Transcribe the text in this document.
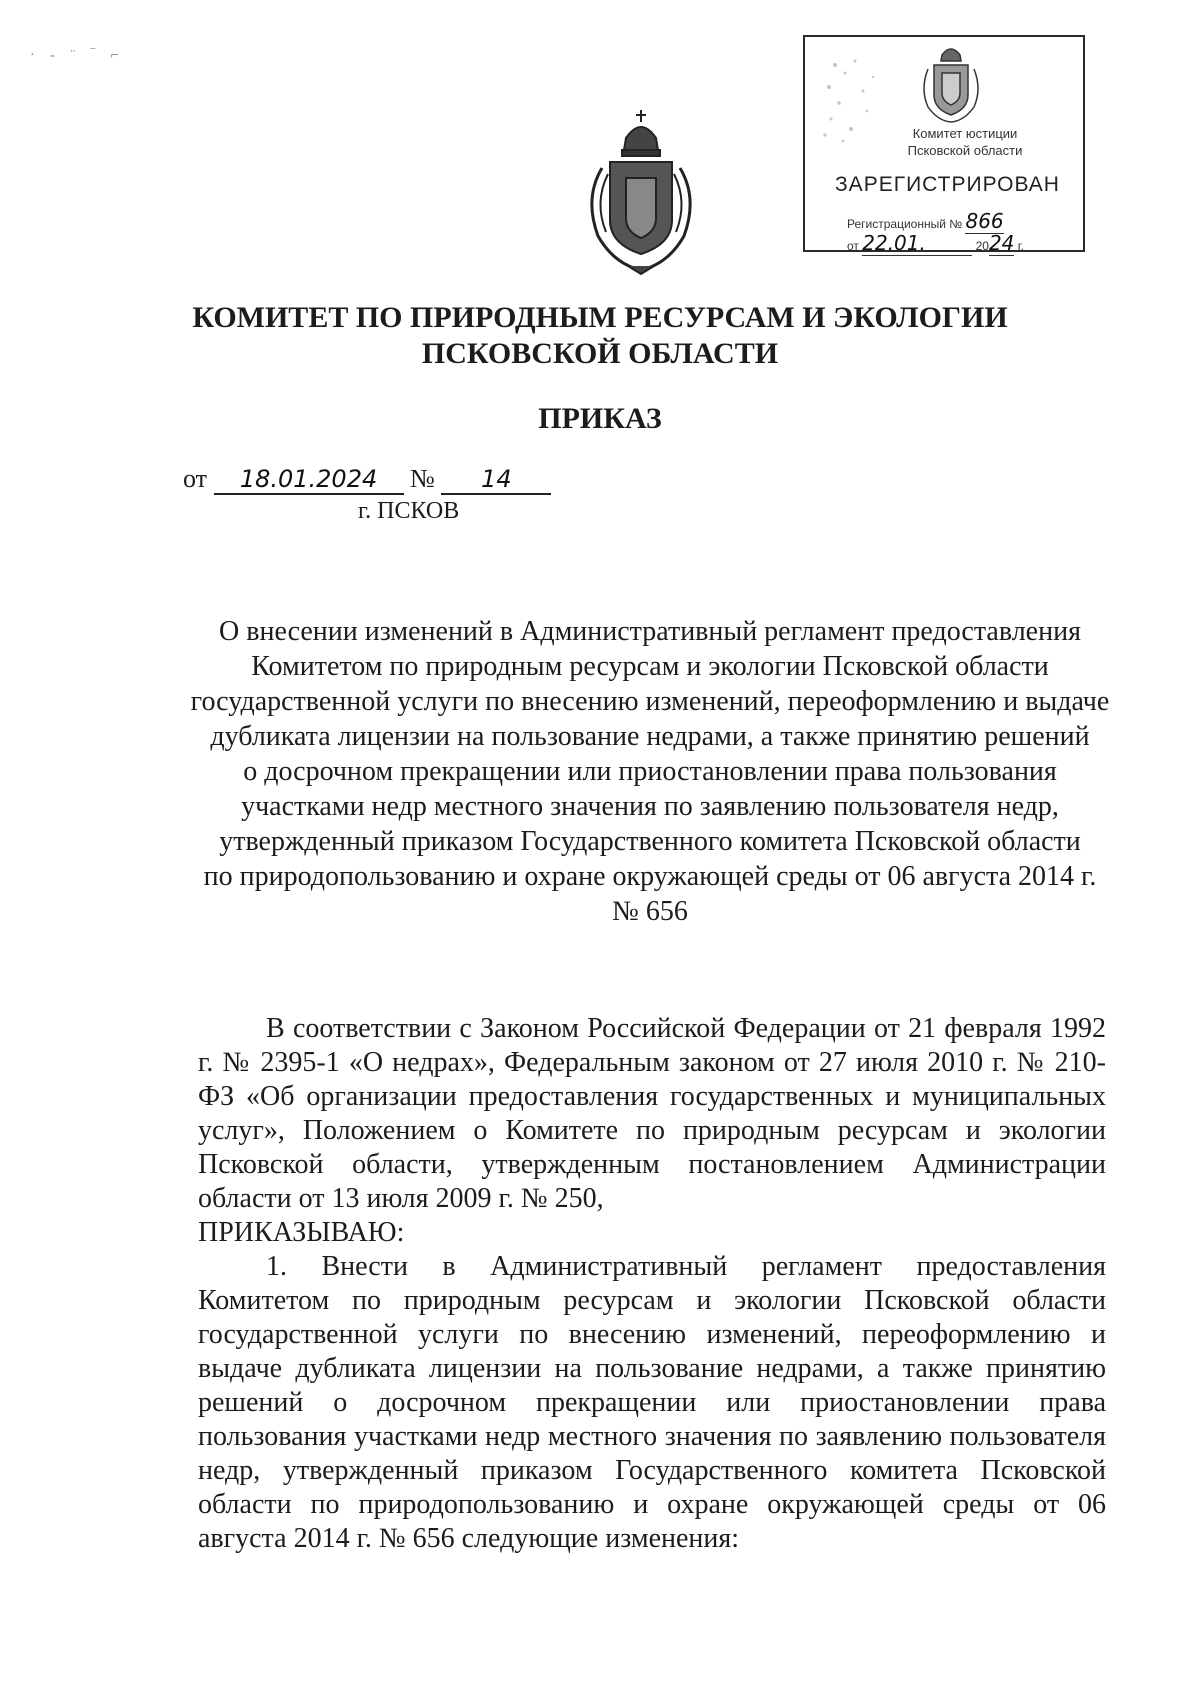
· ‐ ¨ ‾ ⌐
Комитет юстиции
Псковской области
ЗАРЕГИСТРИРОВАН
Регистрационный № 866
от 22.01.	2024 г.
КОМИТЕТ ПО ПРИРОДНЫМ РЕСУРСАМ И ЭКОЛОГИИ
ПСКОВСКОЙ ОБЛАСТИ
ПРИКАЗ
от 18.01.2024 № 14
г. ПСКОВ
О внесении изменений в Административный регламент предоставления
Комитетом по природным ресурсам и экологии Псковской области
государственной услуги по внесению изменений, переоформлению и выдаче
дубликата лицензии на пользование недрами, а также принятию решений
о досрочном прекращении или приостановлении права пользования
участками недр местного значения по заявлению пользователя недр,
утвержденный приказом Государственного комитета Псковской области
по природопользованию и охране окружающей среды от 06 августа 2014 г.
№ 656

В соответствии с Законом Российской Федерации от 21 февраля 1992 г. № 2395-1 «О недрах», Федеральным законом от 27 июля 2010 г. № 210-ФЗ «Об организации предоставления государственных и муниципальных услуг», Положением о Комитете по природным ресурсам и экологии Псковской области, утвержденным постановлением Администрации области от 13 июля 2009 г. № 250,

ПРИКАЗЫВАЮ:

1. Внести в Административный регламент предоставления Комитетом по природным ресурсам и экологии Псковской области государственной услуги по внесению изменений, переоформлению и выдаче дубликата лицензии на пользование недрами, а также принятию решений о досрочном прекращении или приостановлении права пользования участками недр местного значения по заявлению пользователя недр, утвержденный приказом Государственного комитета Псковской области по природопользованию и охране окружающей среды от 06 августа 2014 г. № 656 следующие изменения:
